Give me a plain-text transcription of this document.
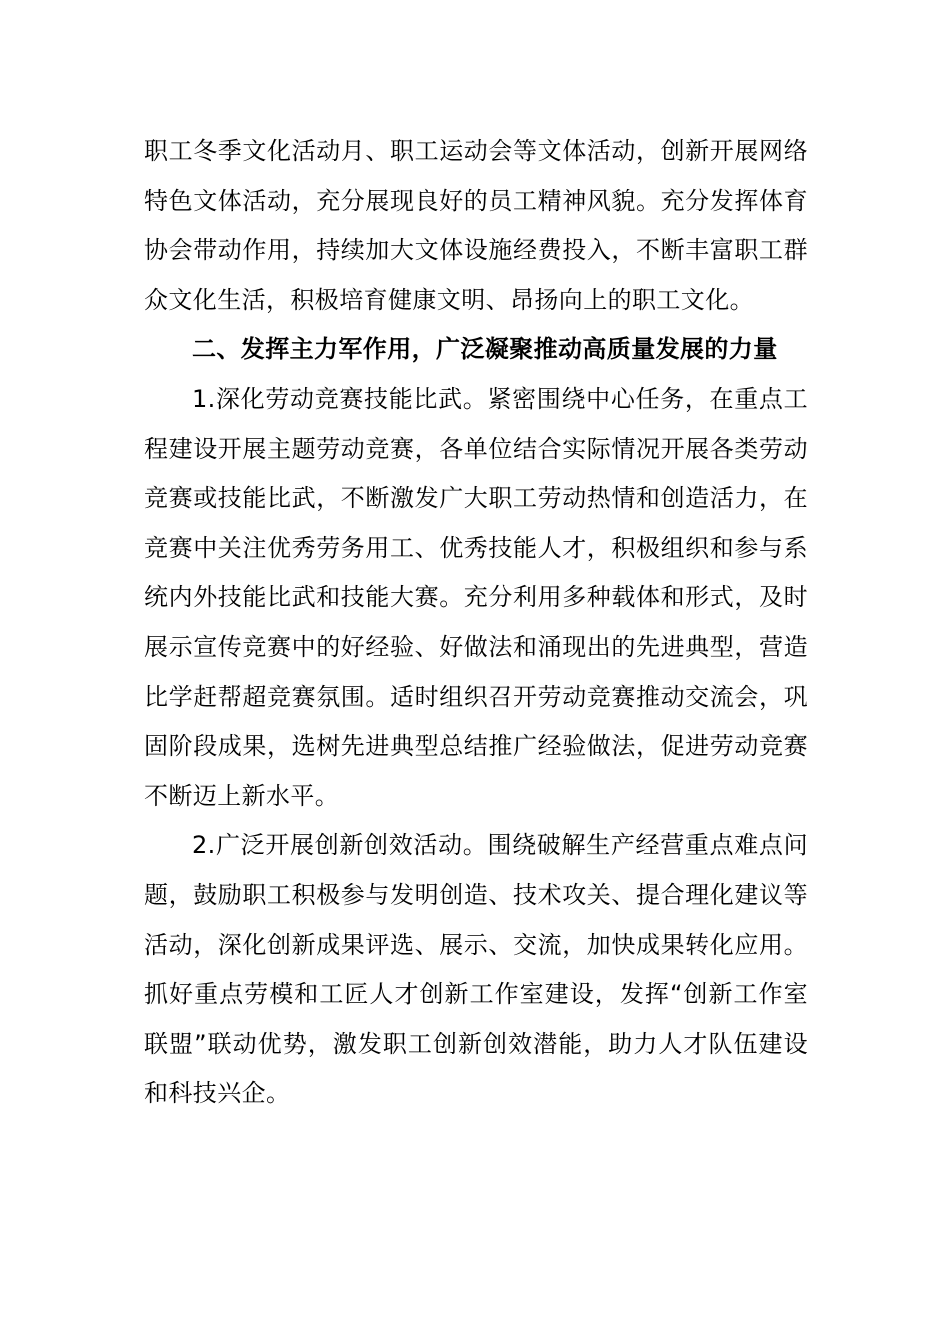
职工冬季文化活动月、职工运动会等文体活动，创新开展网络特色文体活动，充分展现良好的员工精神风貌。充分发挥体育协会带动作用，持续加大文体设施经费投入，不断丰富职工群众文化生活，积极培育健康文明、昂扬向上的职工文化。

二、发挥主力军作用，广泛凝聚推动高质量发展的力量

1.深化劳动竞赛技能比武。紧密围绕中心任务，在重点工程建设开展主题劳动竞赛，各单位结合实际情况开展各类劳动竞赛或技能比武，不断激发广大职工劳动热情和创造活力，在竞赛中关注优秀劳务用工、优秀技能人才，积极组织和参与系统内外技能比武和技能大赛。充分利用多种载体和形式，及时展示宣传竞赛中的好经验、好做法和涌现出的先进典型，营造比学赶帮超竞赛氛围。适时组织召开劳动竞赛推动交流会，巩固阶段成果，选树先进典型总结推广经验做法，促进劳动竞赛不断迈上新水平。

2.广泛开展创新创效活动。围绕破解生产经营重点难点问题，鼓励职工积极参与发明创造、技术攻关、提合理化建议等活动，深化创新成果评选、展示、交流，加快成果转化应用。抓好重点劳模和工匠人才创新工作室建设，发挥“创新工作室联盟”联动优势，激发职工创新创效潜能，助力人才队伍建设和科技兴企。
